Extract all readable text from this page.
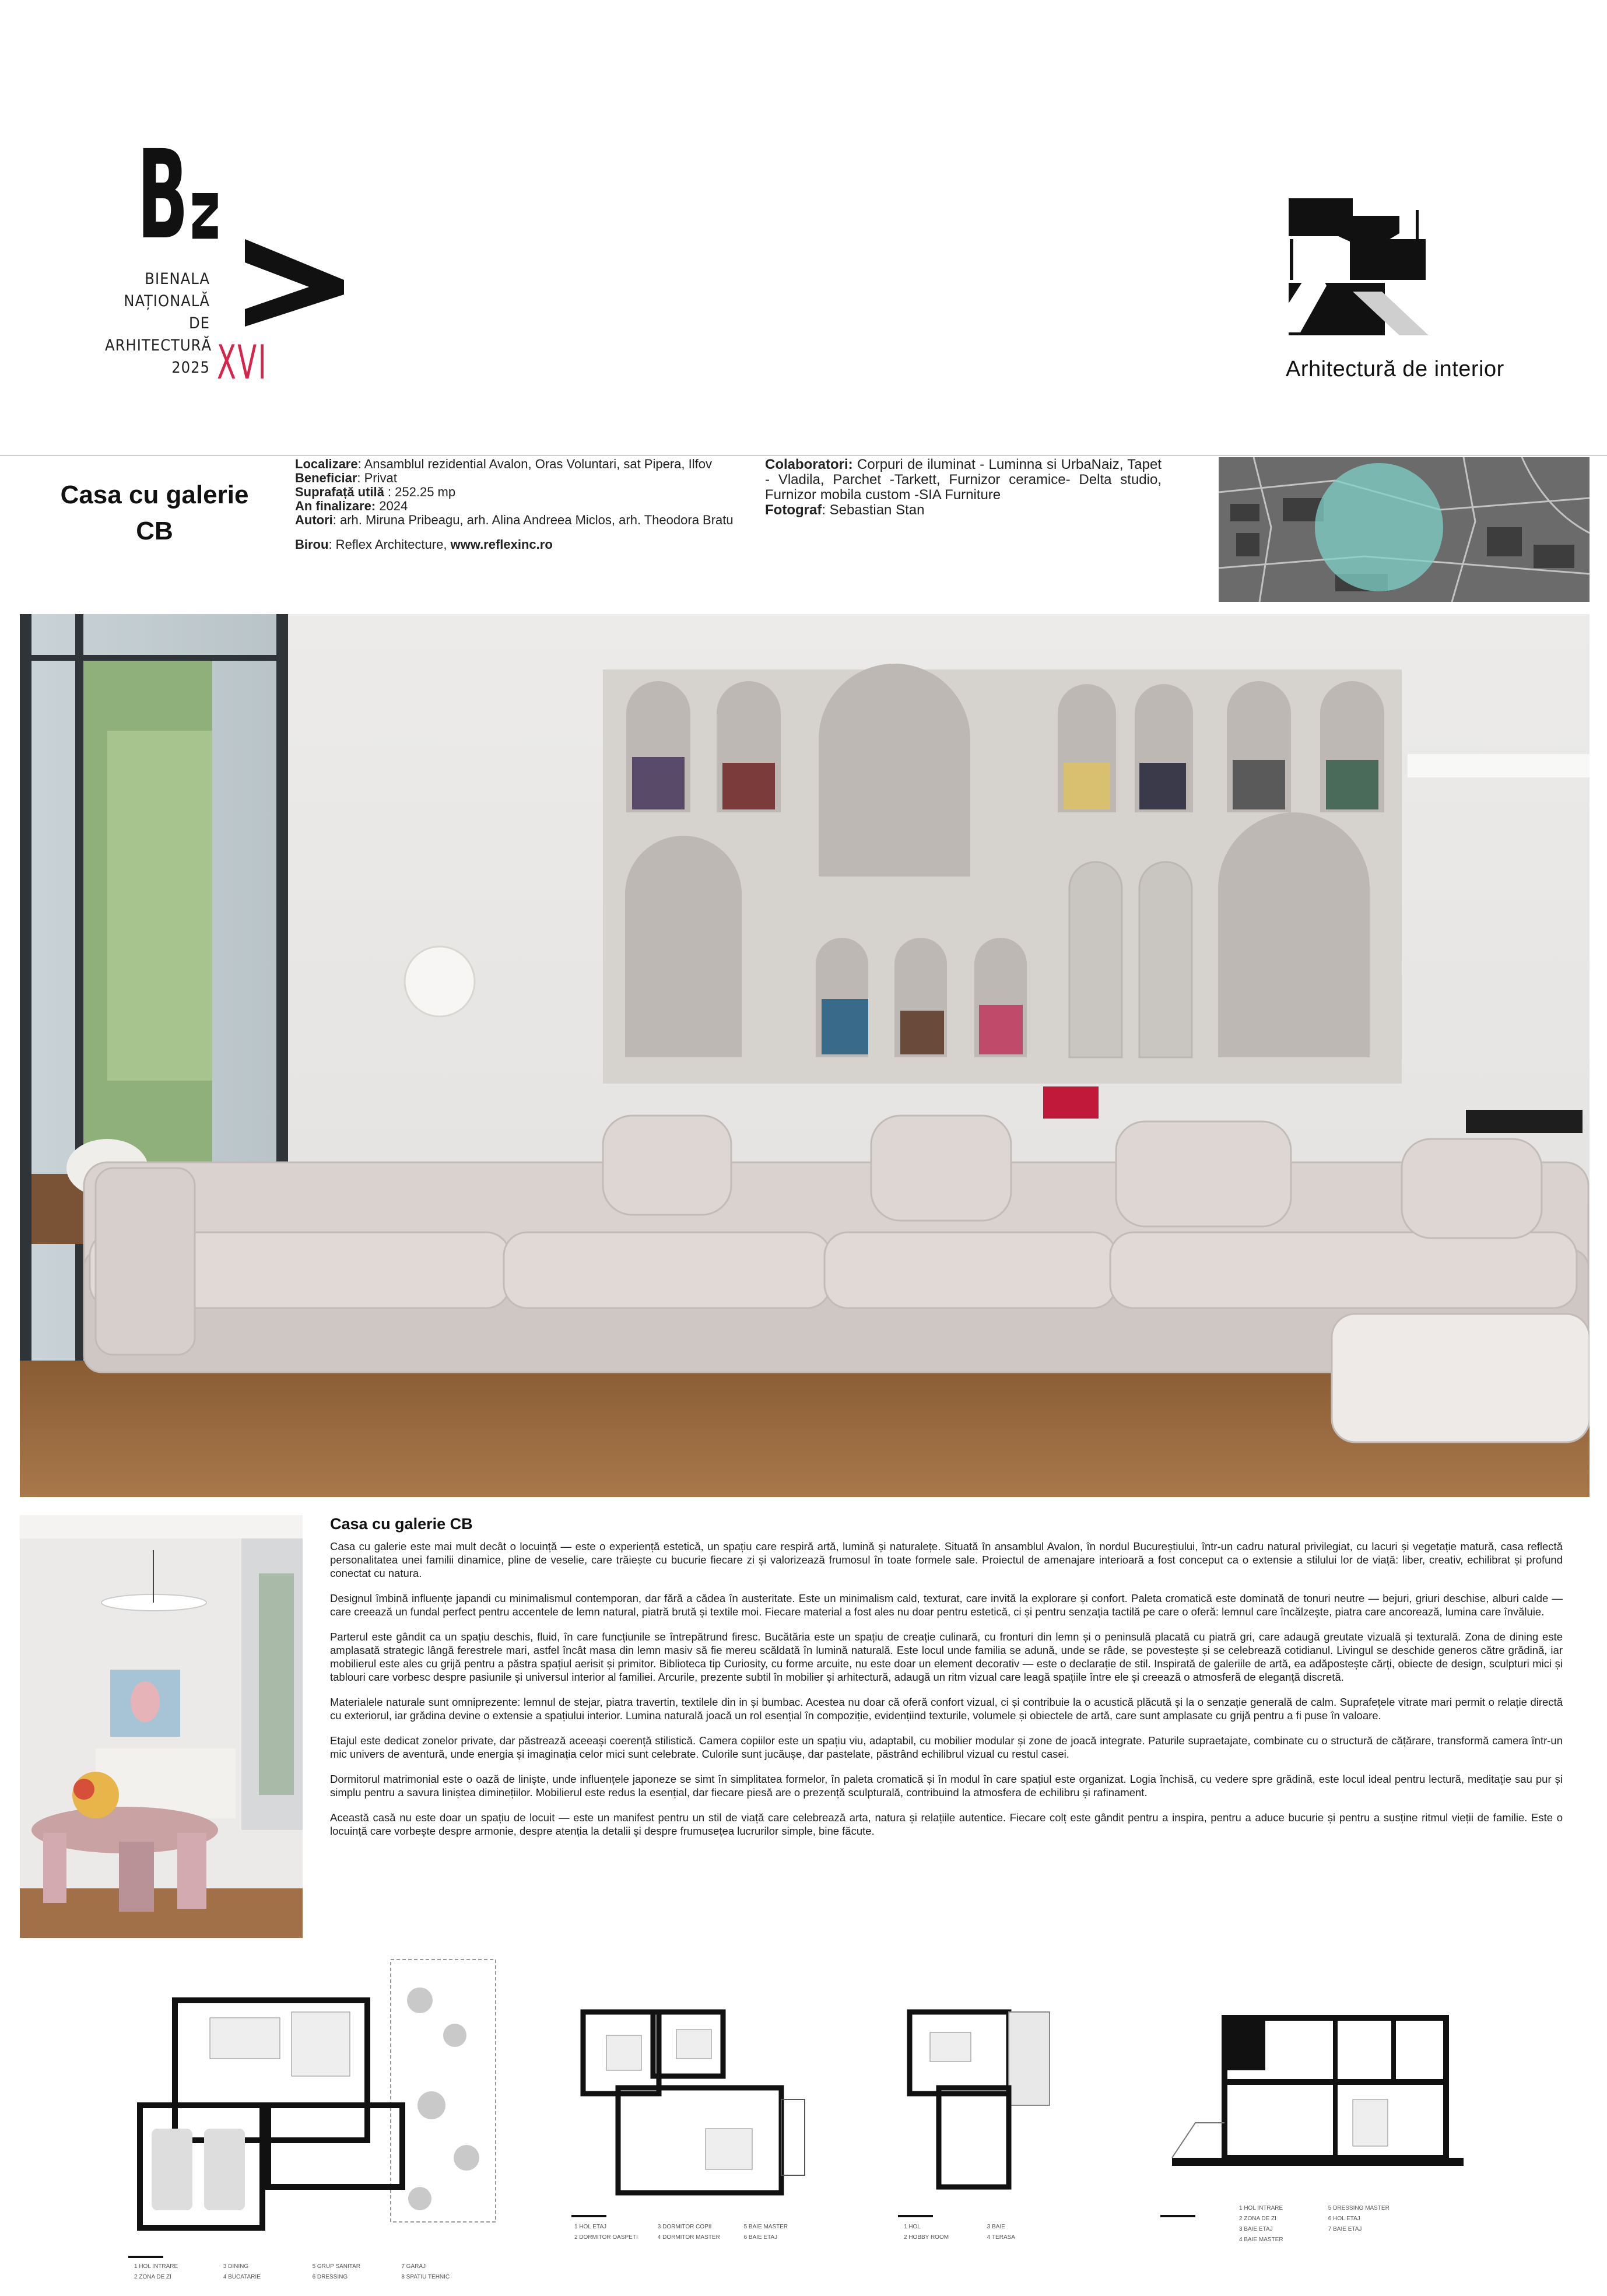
B
N
BIENALA
NAȚIONALĂ
DE
ARHITECTURĂ
2025 XVI	Arhitectură de interior
Casa cu galerie
CB
Localizare: Ansamblul rezidential Avalon, Oras Voluntari, sat Pipera, Ilfov
Beneficiar: Privat
Suprafață utilă : 252.25 mp
An finalizare: 2024
Autori: arh. Miruna Pribeagu, arh. Alina Andreea Miclos, arh. Theodora Bratu
Birou: Reflex Architecture, www.reflexinc.ro
Colaboratori: Corpuri de iluminat - Luminna si UrbaNaiz, Tapet - Vladila, Parchet -Tarkett, Furnizor ceramice- Delta studio, Furnizor mobila custom -SIA Furniture
Fotograf: Sebastian Stan
Casa cu galerie CB

Casa cu galerie este mai mult decât o locuință — este o experiență estetică, un spațiu care respiră artă, lumină și naturalețe. Situată în ansamblul Avalon, în nordul Bucureștiului, într-un cadru natural privilegiat, cu lacuri și vegetație matură, casa reflectă personalitatea unei familii dinamice, pline de veselie, care trăiește cu bucurie fiecare zi și valorizează frumosul în toate formele sale. Proiectul de amenajare interioară a fost conceput ca o extensie a stilului lor de viață: liber, creativ, echilibrat și profund conectat cu natura.

Designul îmbină influențe japandi cu minimalismul contemporan, dar fără a cădea în austeritate. Este un minimalism cald, texturat, care invită la explorare și confort. Paleta cromatică este dominată de tonuri neutre — bejuri, griuri deschise, alburi calde — care creează un fundal perfect pentru accentele de lemn natural, piatră brută și textile moi. Fiecare material a fost ales nu doar pentru estetică, ci și pentru senzația tactilă pe care o oferă: lemnul care încălzește, piatra care ancorează, lumina care învăluie.

Parterul este gândit ca un spațiu deschis, fluid, în care funcțiunile se întrepătrund firesc. Bucătăria este un spațiu de creație culinară, cu fronturi din lemn și o peninsulă placată cu piatră gri, care adaugă greutate vizuală și texturală. Zona de dining este amplasată strategic lângă ferestrele mari, astfel încât masa din lemn masiv să fie mereu scăldată în lumină naturală. Este locul unde familia se adună, unde se râde, se povestește și se celebrează cotidianul. Livingul se deschide generos către grădină, iar mobilierul este ales cu grijă pentru a păstra spațiul aerisit și primitor. Biblioteca tip Curiosity, cu forme arcuite, nu este doar un element decorativ — este o declarație de stil. Inspirată de galeriile de artă, ea adăpostește cărți, obiecte de design, sculpturi mici și tablouri care vorbesc despre pasiunile și universul interior al familiei. Arcurile, prezente subtil în mobilier și arhitectură, adaugă un ritm vizual care leagă spațiile între ele și creează o atmosferă de eleganță discretă.

Materialele naturale sunt omniprezente: lemnul de stejar, piatra travertin, textilele din in și bumbac. Acestea nu doar că oferă confort vizual, ci și contribuie la o acustică plăcută și la o senzație generală de calm. Suprafețele vitrate mari permit o relație directă cu exteriorul, iar grădina devine o extensie a spațiului interior. Lumina naturală joacă un rol esențial în compoziție, evidențiind texturile, volumele și obiectele de artă, care sunt amplasate cu grijă pentru a fi puse în valoare.

Etajul este dedicat zonelor private, dar păstrează aceeași coerență stilistică. Camera copiilor este un spațiu viu, adaptabil, cu mobilier modular și zone de joacă integrate. Paturile supraetajate, combinate cu o structură de cățărare, transformă camera într-un mic univers de aventură, unde energia și imaginația celor mici sunt celebrate. Culorile sunt jucăușe, dar pastelate, păstrând echilibrul vizual cu restul casei.

Dormitorul matrimonial este o oază de liniște, unde influențele japoneze se simt în simplitatea formelor, în paleta cromatică și în modul în care spațiul este organizat. Logia închisă, cu vedere spre grădină, este locul ideal pentru lectură, meditație sau pur și simplu pentru a savura liniștea diminețiilor. Mobilierul este redus la esențial, dar fiecare piesă are o prezență sculpturală, contribuind la atmosfera de echilibru și rafinament.

Această casă nu este doar un spațiu de locuit — este un manifest pentru un stil de viață care celebrează arta, natura și relațiile autentice. Fiecare colț este gândit pentru a inspira, pentru a aduce bucurie și pentru a susține ritmul vieții de familie. Este o locuință care vorbește despre armonie, despre atenția la detalii și despre frumusețea lucrurilor simple, bine făcute.

1 HOL INTRARE	3 DINING	5 GRUP SANITAR	7 GARAJ
2 ZONA DE ZI	4 BUCATARIE	6 DRESSING	8 SPATIU TEHNIC
1 HOL ETAJ	3 DORMITOR COPII	5 BAIE MASTER
2 DORMITOR OASPETI	4 DORMITOR MASTER	6 BAIE ETAJ
1 HOL	3 BAIE
2 HOBBY ROOM	4 TERASA
1 HOL INTRARE	5 DRESSING MASTER
2 ZONA DE ZI	6 HOL ETAJ
3 BAIE ETAJ	7 BAIE ETAJ
4 BAIE MASTER
